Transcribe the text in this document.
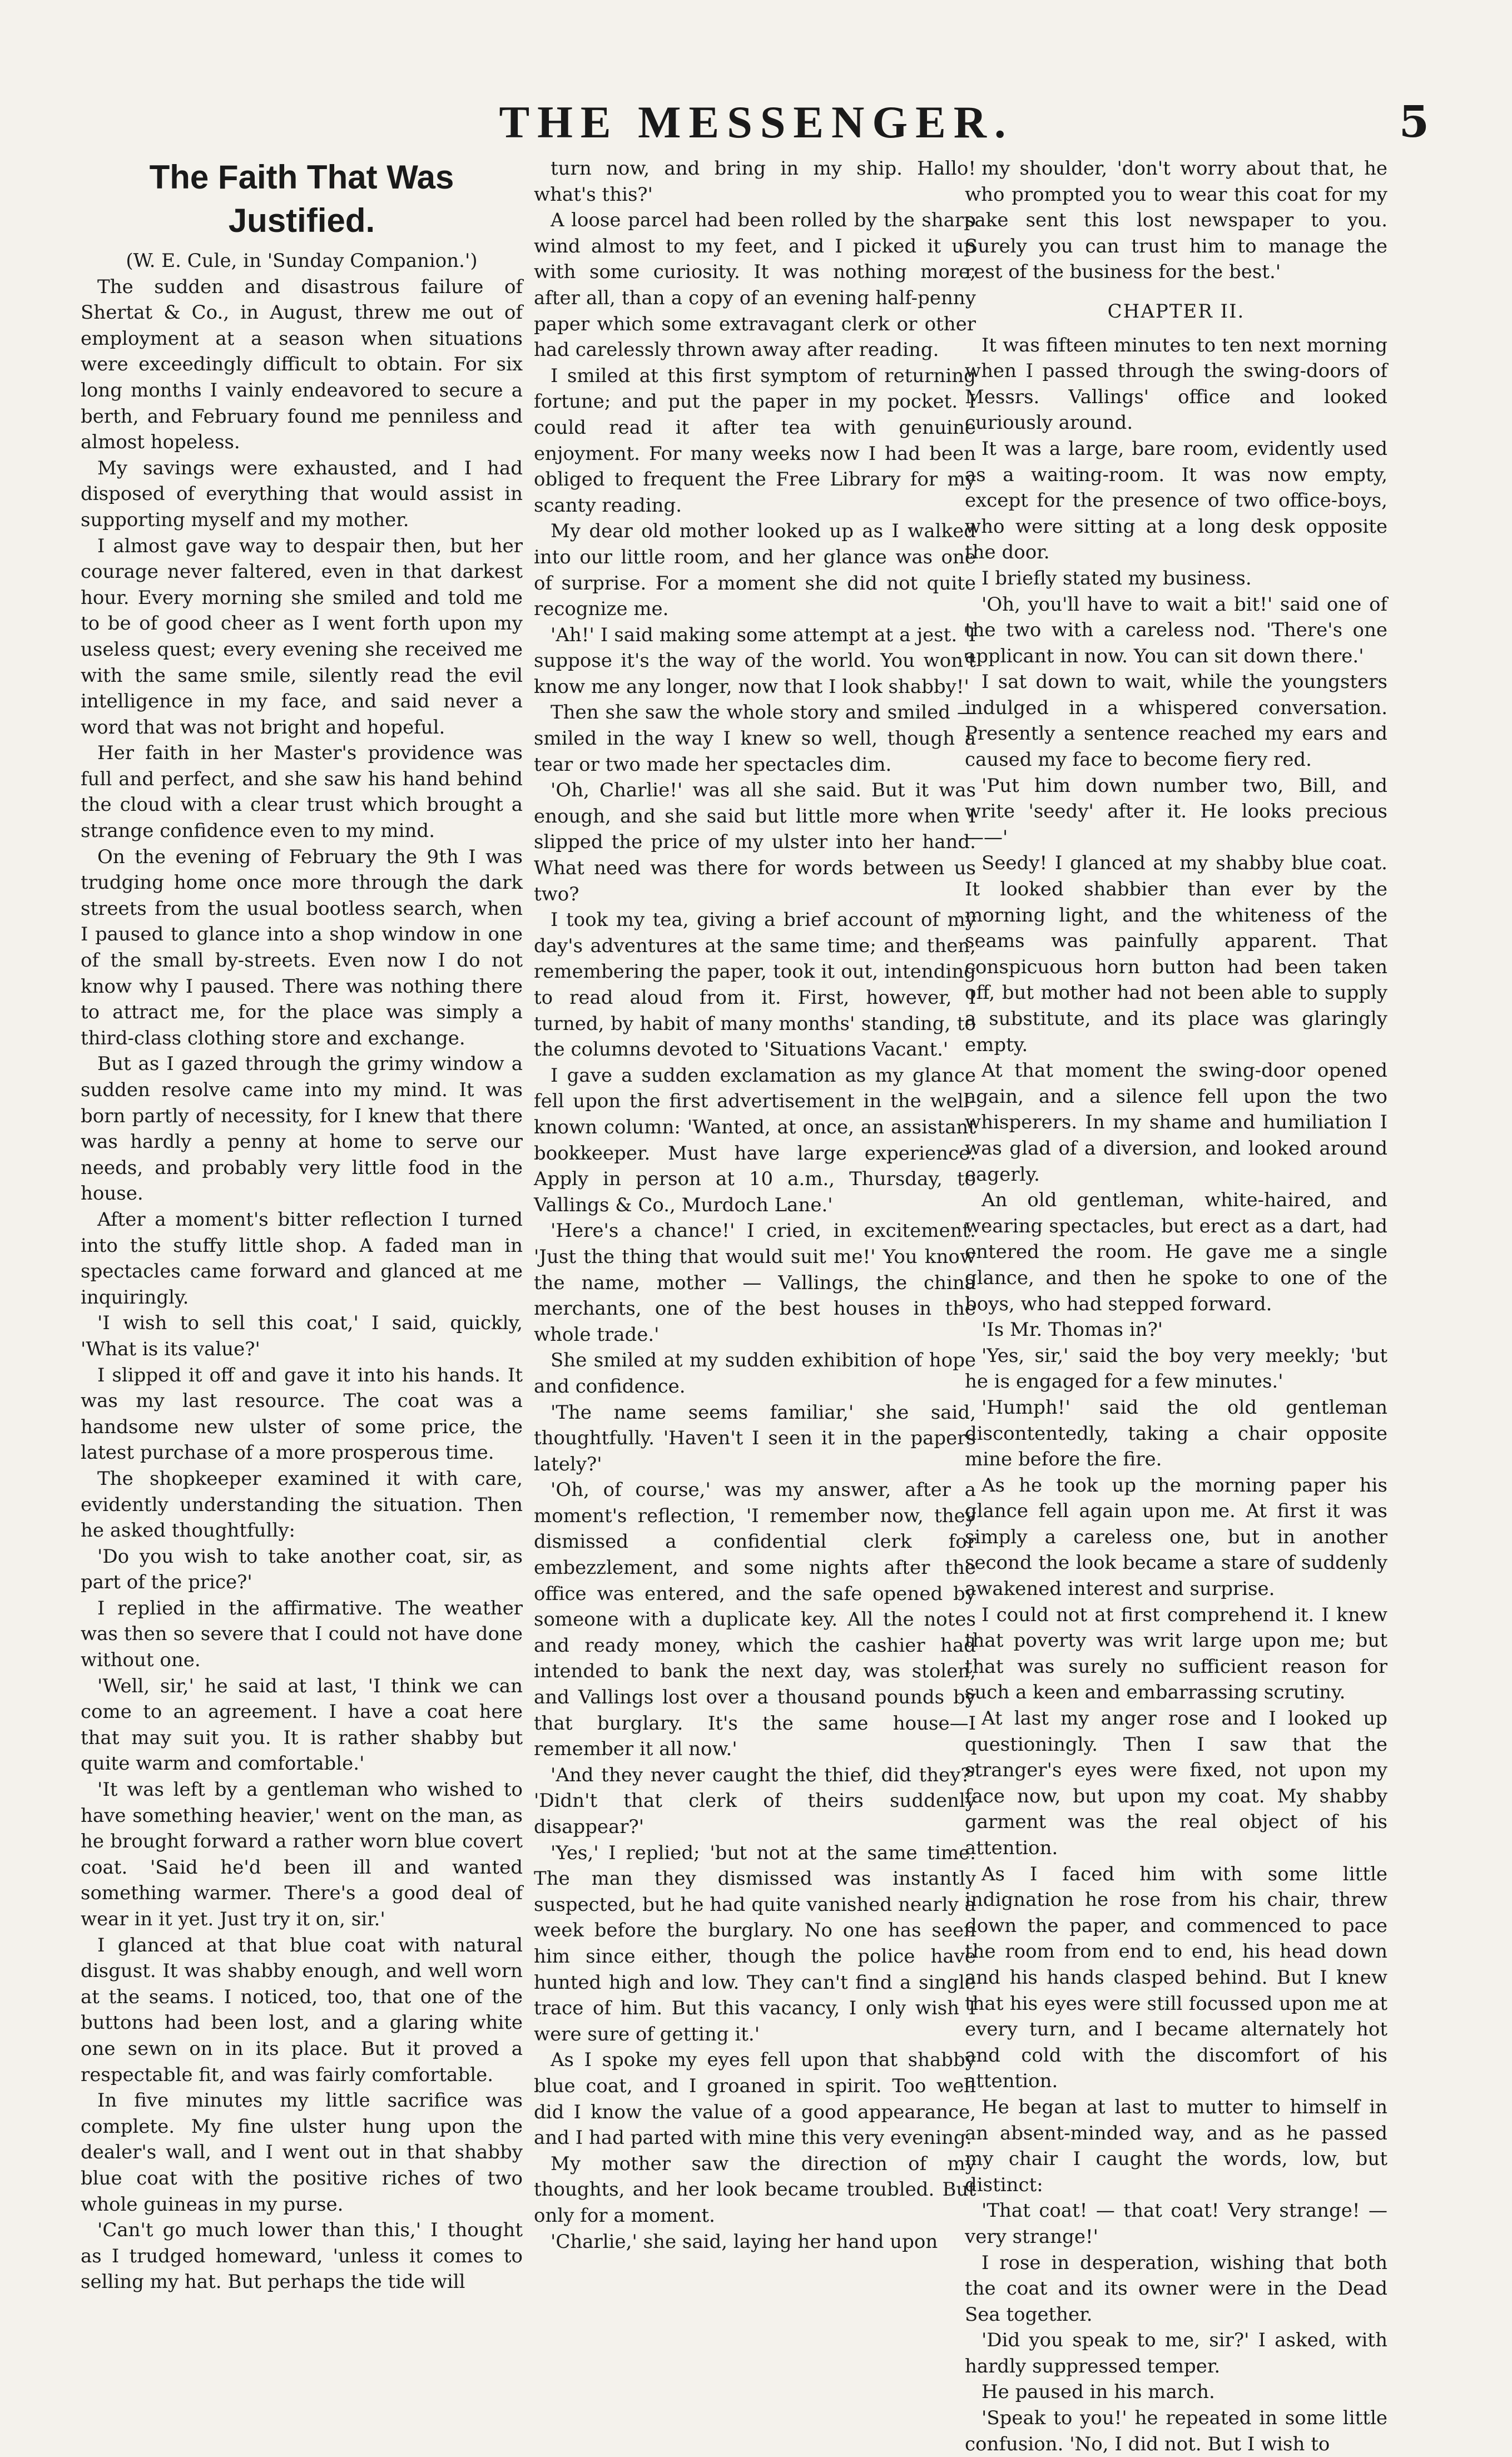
THE MESSENGER.	5
The Faith That Was Justified.

(W. E. Cule, in 'Sunday Companion.')

The sudden and disastrous failure of Shertat & Co., in August, threw me out of employment at a season when situations were exceedingly difficult to obtain. For six long months I vainly endeavored to secure a berth, and February found me penniless and almost hopeless.

My savings were exhausted, and I had disposed of everything that would assist in supporting myself and my mother.

I almost gave way to despair then, but her courage never faltered, even in that darkest hour. Every morning she smiled and told me to be of good cheer as I went forth upon my useless quest; every evening she received me with the same smile, silently read the evil intelligence in my face, and said never a word that was not bright and hopeful.

Her faith in her Master's providence was full and perfect, and she saw his hand behind the cloud with a clear trust which brought a strange confidence even to my mind.

On the evening of February the 9th I was trudging home once more through the dark streets from the usual bootless search, when I paused to glance into a shop window in one of the small by-streets. Even now I do not know why I paused. There was nothing there to attract me, for the place was simply a third-class clothing store and exchange.

But as I gazed through the grimy window a sudden resolve came into my mind. It was born partly of necessity, for I knew that there was hardly a penny at home to serve our needs, and probably very little food in the house.

After a moment's bitter reflection I turned into the stuffy little shop. A faded man in spectacles came forward and glanced at me inquiringly.

'I wish to sell this coat,' I said, quickly, 'What is its value?'

I slipped it off and gave it into his hands. It was my last resource. The coat was a handsome new ulster of some price, the latest purchase of a more prosperous time.

The shopkeeper examined it with care, evidently understanding the situation. Then he asked thoughtfully:

'Do you wish to take another coat, sir, as part of the price?'

I replied in the affirmative. The weather was then so severe that I could not have done without one.

'Well, sir,' he said at last, 'I think we can come to an agreement. I have a coat here that may suit you. It is rather shabby but quite warm and comfortable.'

'It was left by a gentleman who wished to have something heavier,' went on the man, as he brought forward a rather worn blue covert coat. 'Said he'd been ill and wanted something warmer. There's a good deal of wear in it yet. Just try it on, sir.'

I glanced at that blue coat with natural disgust. It was shabby enough, and well worn at the seams. I noticed, too, that one of the buttons had been lost, and a glaring white one sewn on in its place. But it proved a respectable fit, and was fairly comfortable.

In five minutes my little sacrifice was complete. My fine ulster hung upon the dealer's wall, and I went out in that shabby blue coat with the positive riches of two whole guineas in my purse.

'Can't go much lower than this,' I thought as I trudged homeward, 'unless it comes to selling my hat. But perhaps the tide will

turn now, and bring in my ship. Hallo! what's this?'

A loose parcel had been rolled by the sharp wind almost to my feet, and I picked it up with some curiosity. It was nothing more, after all, than a copy of an evening half-penny paper which some extravagant clerk or other had carelessly thrown away after reading.

I smiled at this first symptom of returning fortune; and put the paper in my pocket. I could read it after tea with genuine enjoyment. For many weeks now I had been obliged to frequent the Free Library for my scanty reading.

My dear old mother looked up as I walked into our little room, and her glance was one of surprise. For a moment she did not quite recognize me.

'Ah!' I said making some attempt at a jest. 'I suppose it's the way of the world. You won't know me any longer, now that I look shabby!'

Then she saw the whole story and smiled —smiled in the way I knew so well, though a tear or two made her spectacles dim.

'Oh, Charlie!' was all she said. But it was enough, and she said but little more when I slipped the price of my ulster into her hand. What need was there for words between us two?

I took my tea, giving a brief account of my day's adventures at the same time; and then, remembering the paper, took it out, intending to read aloud from it. First, however, I turned, by habit of many months' standing, to the columns devoted to 'Situations Vacant.'

I gave a sudden exclamation as my glance fell upon the first advertisement in the well-known column: 'Wanted, at once, an assistant bookkeeper. Must have large experience. Apply in person at 10 a.m., Thursday, to Vallings & Co., Murdoch Lane.'

'Here's a chance!' I cried, in excitement. 'Just the thing that would suit me!' You know the name, mother — Vallings, the china merchants, one of the best houses in the whole trade.'

She smiled at my sudden exhibition of hope and confidence.

'The name seems familiar,' she said, thoughtfully. 'Haven't I seen it in the papers lately?'

'Oh, of course,' was my answer, after a moment's reflection, 'I remember now, they dismissed a confidential clerk for embezzlement, and some nights after the office was entered, and the safe opened by someone with a duplicate key. All the notes and ready money, which the cashier had intended to bank the next day, was stolen, and Vallings lost over a thousand pounds by that burglary. It's the same house—I remember it all now.'

'And they never caught the thief, did they?' 'Didn't that clerk of theirs suddenly disappear?'

'Yes,' I replied; 'but not at the same time. The man they dismissed was instantly suspected, but he had quite vanished nearly a week before the burglary. No one has seen him since either, though the police have hunted high and low. They can't find a single trace of him. But this vacancy, I only wish I were sure of getting it.'

As I spoke my eyes fell upon that shabby blue coat, and I groaned in spirit. Too well did I know the value of a good appearance, and I had parted with mine this very evening.

My mother saw the direction of my thoughts, and her look became troubled. But only for a moment.

'Charlie,' she said, laying her hand upon

my shoulder, 'don't worry about that, he who prompted you to wear this coat for my sake sent this lost newspaper to you. Surely you can trust him to manage the rest of the business for the best.'

CHAPTER II.

It was fifteen minutes to ten next morning when I passed through the swing-doors of Messrs. Vallings' office and looked curiously around.

It was a large, bare room, evidently used as a waiting-room. It was now empty, except for the presence of two office-boys, who were sitting at a long desk opposite the door.

I briefly stated my business.

'Oh, you'll have to wait a bit!' said one of the two with a careless nod. 'There's one applicant in now. You can sit down there.'

I sat down to wait, while the youngsters indulged in a whispered conversation. Presently a sentence reached my ears and caused my face to become fiery red.

'Put him down number two, Bill, and write 'seedy' after it. He looks precious ——'

Seedy! I glanced at my shabby blue coat. It looked shabbier than ever by the morning light, and the whiteness of the seams was painfully apparent. That conspicuous horn button had been taken off, but mother had not been able to supply a substitute, and its place was glaringly empty.

At that moment the swing-door opened again, and a silence fell upon the two whisperers. In my shame and humiliation I was glad of a diversion, and looked around eagerly.

An old gentleman, white-haired, and wearing spectacles, but erect as a dart, had entered the room. He gave me a single glance, and then he spoke to one of the boys, who had stepped forward.

'Is Mr. Thomas in?'

'Yes, sir,' said the boy very meekly; 'but he is engaged for a few minutes.'

'Humph!' said the old gentleman discontentedly, taking a chair opposite mine before the fire.

As he took up the morning paper his glance fell again upon me. At first it was simply a careless one, but in another second the look became a stare of suddenly awakened interest and surprise.

I could not at first comprehend it. I knew that poverty was writ large upon me; but that was surely no sufficient reason for such a keen and embarrassing scrutiny.

At last my anger rose and I looked up questioningly. Then I saw that the stranger's eyes were fixed, not upon my face now, but upon my coat. My shabby garment was the real object of his attention.

As I faced him with some little indignation he rose from his chair, threw down the paper, and commenced to pace the room from end to end, his head down and his hands clasped behind. But I knew that his eyes were still focussed upon me at every turn, and I became alternately hot and cold with the discomfort of his attention.

He began at last to mutter to himself in an absent-minded way, and as he passed my chair I caught the words, low, but distinct:

'That coat! — that coat! Very strange! —very strange!'

I rose in desperation, wishing that both the coat and its owner were in the Dead Sea together.

'Did you speak to me, sir?' I asked, with hardly suppressed temper.

He paused in his march.

'Speak to you!' he repeated in some little confusion. 'No, I did not. But I wish to
